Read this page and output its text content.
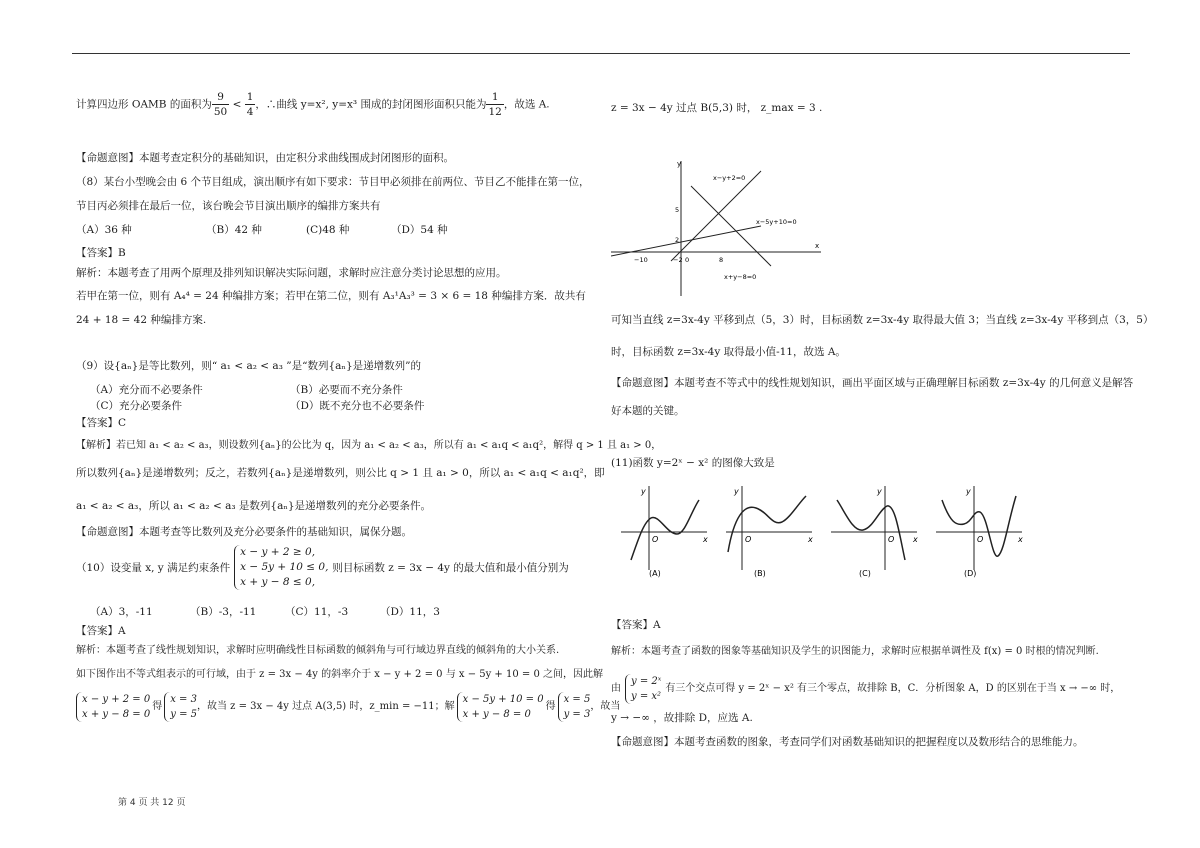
计算四边形 OAMB 的面积为 $\frac{9}{50} < \frac{1}{4}$ ，∴曲线 y=x², y=x³ 围成的封闭图形面积只能为 $\frac{1}{12}$ ，故选 A.
【命题意图】本题考查定积分的基础知识，由定积分求曲线围成封闭图形的面积。
（8）某台小型晚会由 6 个节目组成，演出顺序有如下要求：节目甲必须排在前两位、节目乙不能排在第一位，
节目丙必须排在最后一位，该台晚会节目演出顺序的编排方案共有
（A）36 种	（B）42 种	(C)48 种	（D）54 种
【答案】B
解析：本题考查了用两个原理及排列知识解决实际问题，求解时应注意分类讨论思想的应用。
若甲在第一位，则有 A₄⁴ = 24 种编排方案；若甲在第二位，则有 A₃¹A₃³ = 3 × 6 = 18 种编排方案．故共有
24 + 18 = 42 种编排方案.
（9）设{aₙ}是等比数列，则“ a₁ < a₂ < a₃ ”是“数列{aₙ}是递增数列”的
（A）充分而不必要条件	（B）必要而不充分条件
（C）充分必要条件	（D）既不充分也不必要条件
【答案】C
【解析】若已知 a₁ < a₂ < a₃，则设数列{aₙ}的公比为 q，因为 a₁ < a₂ < a₃，所以有 a₁ < a₁q < a₁q²，解得 q > 1 且 a₁ > 0，
所以数列{aₙ}是递增数列；反之，若数列{aₙ}是递增数列，则公比 q > 1 且 a₁ > 0，所以 a₁ < a₁q < a₁q²，即
a₁ < a₂ < a₃，所以 a₁ < a₂ < a₃ 是数列{aₙ}是递增数列的充分必要条件。
【命题意图】本题考查等比数列及充分必要条件的基础知识，属保分题。
（10）设变量 x, y 满足约束条件
x − y + 2 ≥ 0,
x − 5y + 10 ≤ 0,
x + y − 8 ≤ 0,
则目标函数 z = 3x − 4y 的最大值和最小值分别为
（A）3，-11	（B）-3，-11	（C）11，-3	（D）11，3
【答案】A
解析：本题考查了线性规划知识，求解时应明确线性目标函数的倾斜角与可行域边界直线的倾斜角的大小关系.
如下图作出不等式组表示的可行域，由于 z = 3x − 4y 的斜率介于 x − y + 2 = 0 与 x − 5y + 10 = 0 之间，因此解
x − y + 2 = 0
x + y − 8 = 0
得
x = 3
y = 5
，故当 z = 3x − 4y 过点 A(3,5) 时， z_min = −11；解
x − 5y + 10 = 0
x + y − 8 = 0
得
x = 5
y = 3
，故当
z = 3x − 4y 过点 B(5,3) 时， z_max = 3 .
y
x
x−y+2=0
x−5y+10=0
x+y−8=0
−10	−2 0	8
5
2
可知当直线 z=3x-4y 平移到点（5，3）时，目标函数 z=3x-4y 取得最大值 3；当直线 z=3x-4y 平移到点（3，5）
时，目标函数 z=3x-4y 取得最小值-11，故选 A。
【命题意图】本题考查不等式中的线性规划知识，画出平面区域与正确理解目标函数 z=3x-4y 的几何意义是解答
好本题的关键。
(11)函数 y=2ˣ − x² 的图像大致是
y
x
O
(A)
y
x
O
(B)
y
x
O
(C)
y
x
O
(D)
【答案】A
解析：本题考查了函数的图象等基础知识及学生的识图能力，求解时应根据单调性及 f(x) = 0 时根的情况判断.
由
y = 2ˣ
y = x²
有三个交点可得 y = 2ˣ − x² 有三个零点，故排除 B，C．分析图象 A，D 的区别在于当 x → −∞ 时，
y → −∞ ，故排除 D，应选 A.
【命题意图】本题考查函数的图象，考查同学们对函数基础知识的把握程度以及数形结合的思维能力。
第 4 页 共 12 页
